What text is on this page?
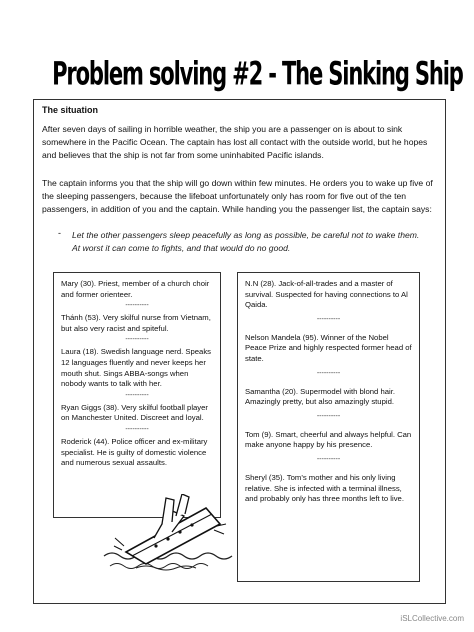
Problem solving #2 - The Sinking Ship
The situation
After seven days of sailing in horrible weather, the ship you are a passenger on is about to sink somewhere in the Pacific Ocean. The captain has lost all contact with the outside world, but he hopes and believes that the ship is not far from some uninhabited Pacific islands.
The captain informs you that the ship will go down within few minutes. He orders you to wake up five of the sleeping passengers, because the lifeboat unfortunately only has room for five out of the ten passengers, in addition of you and the captain. While handing you the passenger list, the captain says:
- Let the other passengers sleep peacefully as long as possible, be careful not to wake them. At worst it can come to fights, and that would do no good.
Mary (30). Priest, member of a church choir and former orienteer.
----------
Thánh (53). Very skilful nurse from Vietnam, but also very racist and spiteful.
----------
Laura (18). Swedish language nerd. Speaks 12 languages fluently and never keeps her mouth shut. Sings ABBA-songs when nobody wants to talk with her.
----------
Ryan Giggs (38). Very skilful football player on Manchester United. Discreet and loyal.
----------
Roderick (44). Police officer and ex-military specialist. He is guilty of domestic violence and numerous sexual assaults.
N.N (28). Jack-of-all-trades and a master of survival. Suspected for having connections to Al Qaida.
----------
Nelson Mandela (95). Winner of the Nobel Peace Prize and highly respected former head of state.
----------
Samantha (20). Supermodel with blond hair. Amazingly pretty, but also amazingly stupid.
----------
Tom (9). Smart, cheerful and always helpful. Can make anyone happy by his presence.
----------
Sheryl (35). Tom’s mother and his only living relative. She is infected with a terminal illness, and probably only has three months left to live.
iSLCollective.com
